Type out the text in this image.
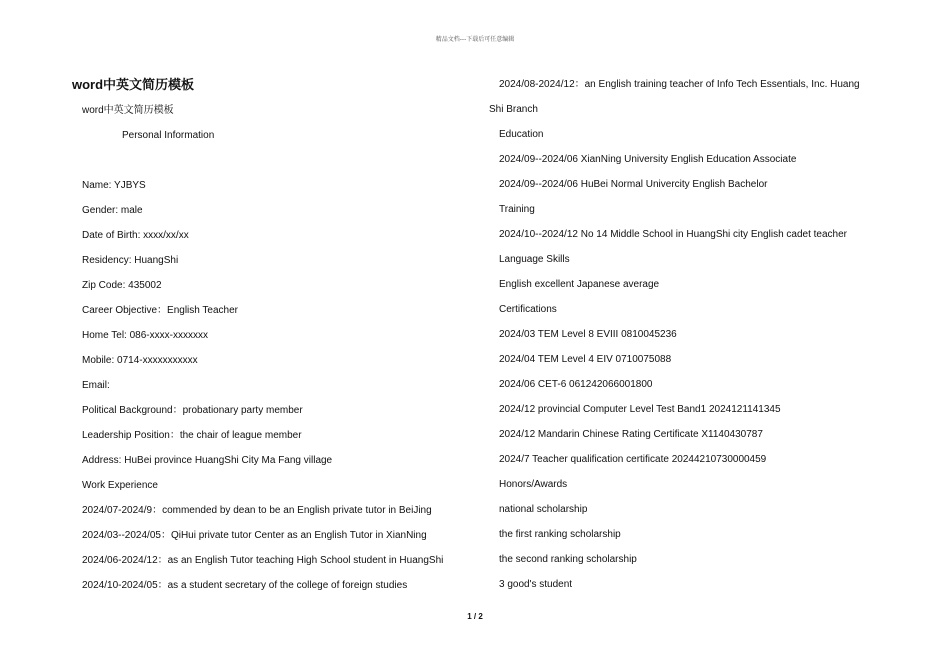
精品文档---下载后可任意编辑
word中英文简历模板
word中英文简历模板
Personal Information
Name: YJBYS
Gender: male
Date of Birth: xxxx/xx/xx
Residency: HuangShi
Zip Code: 435002
Career Objective：English Teacher
Home Tel: 086-xxxx-xxxxxxx
Mobile: 0714-xxxxxxxxxxx
Email:
Political Background：probationary party member
Leadership Position：the chair of league member
Address: HuBei province HuangShi City Ma Fang village
Work Experience
2024/07-2024/9：commended by dean to be an English private tutor in BeiJing
2024/03--2024/05：QiHui private tutor Center as an English Tutor in XianNing
2024/06-2024/12：as an English Tutor teaching High School student in HuangShi
2024/10-2024/05：as a student secretary of the college of foreign studies
2024/08-2024/12：an English training teacher of Info Tech Essentials, Inc. Huang
Shi Branch
Education
2024/09--2024/06 XianNing University English Education Associate
2024/09--2024/06 HuBei Normal Univercity English Bachelor
Training
2024/10--2024/12 No 14 Middle School in HuangShi city English cadet teacher
Language Skills
English excellent Japanese average
Certifications
2024/03 TEM Level 8 EVIII 0810045236
2024/04 TEM Level 4 EIV 0710075088
2024/06 CET-6 061242066001800
2024/12 provincial Computer Level Test Band1 2024121141345
2024/12 Mandarin Chinese Rating Certificate X1140430787
2024/7 Teacher qualification certificate 20244210730000459
Honors/Awards
national scholarship
the first ranking scholarship
the second ranking scholarship
3 good's student
1 / 2
